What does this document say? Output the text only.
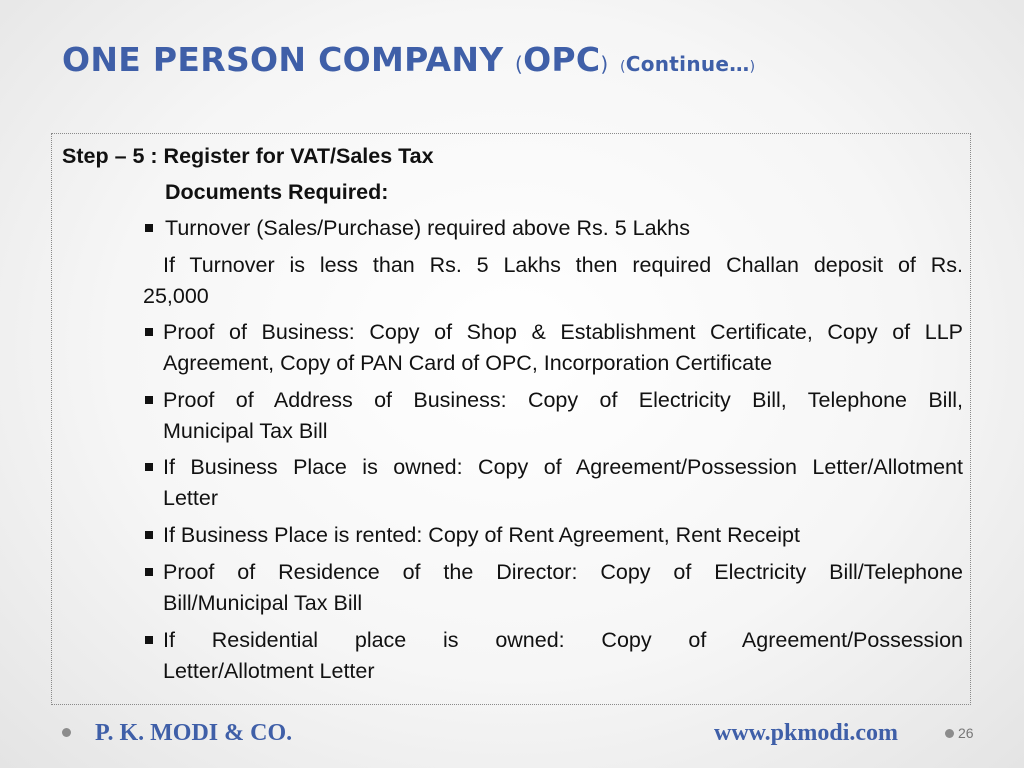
ONE PERSON COMPANY (OPC) (Continue…)
Step – 5 : Register for VAT/Sales Tax
Documents Required:
Turnover (Sales/Purchase) required above Rs. 5 Lakhs
If Turnover is less than Rs. 5 Lakhs then required Challan deposit of Rs.
25,000
Proof of Business: Copy of Shop & Establishment Certificate, Copy of LLP
Agreement, Copy of PAN Card of OPC, Incorporation Certificate
Proof of Address of Business: Copy of Electricity Bill, Telephone Bill,
Municipal Tax Bill
If Business Place is owned: Copy of Agreement/Possession Letter/Allotment
Letter
If Business Place is rented: Copy of Rent Agreement, Rent Receipt
Proof of Residence of the Director: Copy of Electricity Bill/Telephone
Bill/Municipal Tax Bill
If Residential place is owned: Copy of Agreement/Possession
Letter/Allotment Letter
P. K. MODI & CO.	www.pkmodi.com	26
